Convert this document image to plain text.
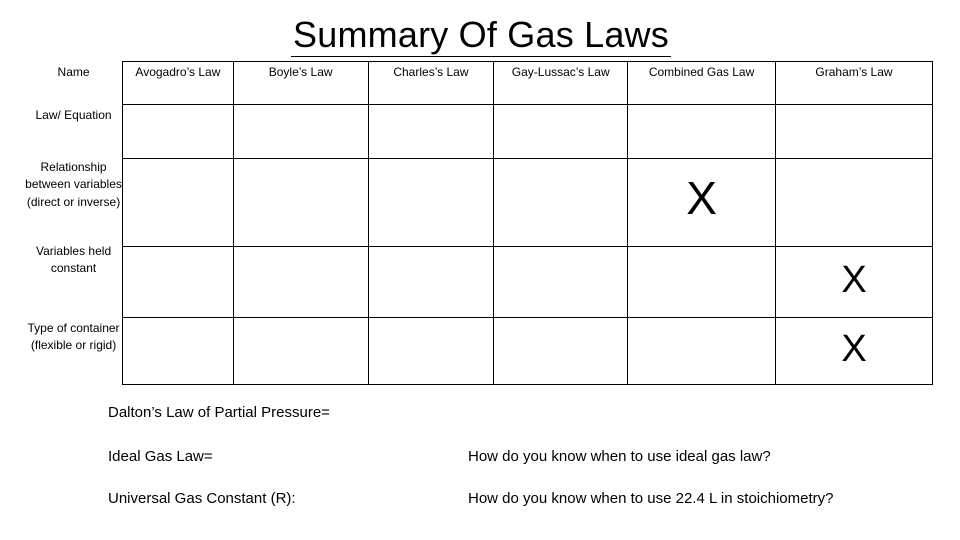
Summary Of Gas Laws
Name	Avogadro’s Law	Boyle’s Law	Charles’s Law	Gay-Lussac’s Law	Combined Gas Law	Graham’s Law

Law/ Equation						

Relationship between variables (direct or inverse)					X	

Variables held constant						X

Type of container (flexible or rigid)						X
Dalton’s Law of Partial Pressure=
Ideal Gas Law=	How do you know when to use ideal gas law?
Universal Gas Constant (R):	How do you know when to use 22.4 L in stoichiometry?
